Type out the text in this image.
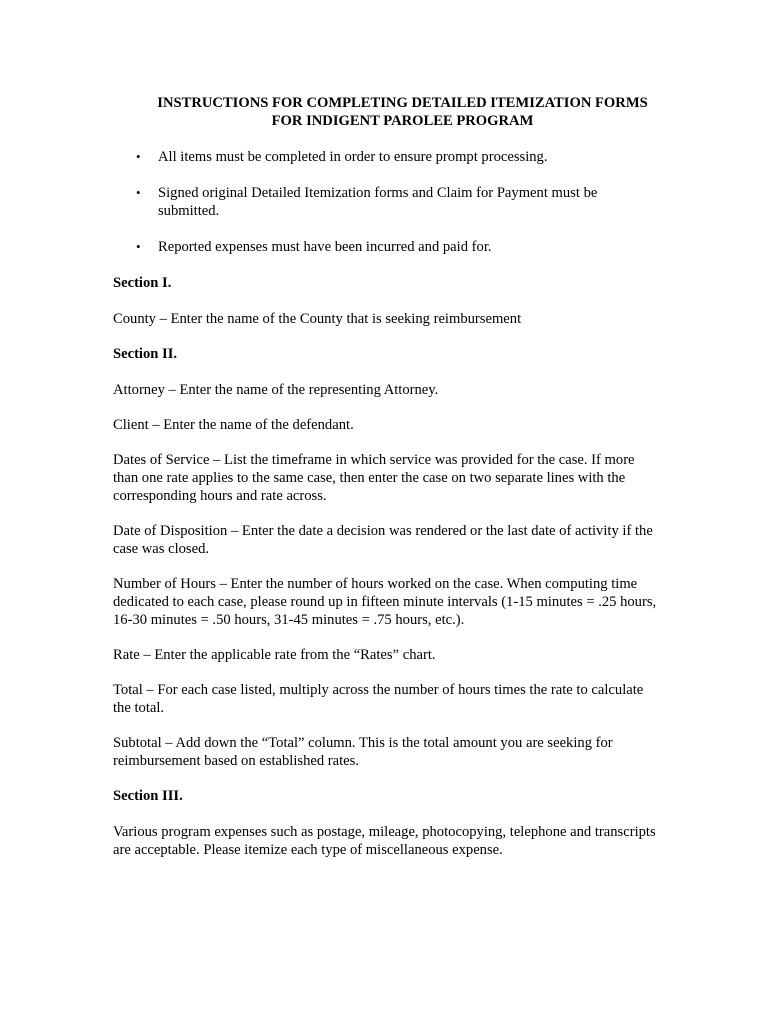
INSTRUCTIONS FOR COMPLETING DETAILED ITEMIZATION FORMS
FOR INDIGENT PAROLEE PROGRAM
• All items must be completed in order to ensure prompt processing.
• Signed original Detailed Itemization forms and Claim for Payment must be submitted.
• Reported expenses must have been incurred and paid for.
Section I.

County – Enter the name of the County that is seeking reimbursement

Section II.

Attorney – Enter the name of the representing Attorney.

Client – Enter the name of the defendant.

Dates of Service – List the timeframe in which service was provided for the case. If more than one rate applies to the same case, then enter the case on two separate lines with the corresponding hours and rate across.

Date of Disposition – Enter the date a decision was rendered or the last date of activity if the case was closed.

Number of Hours – Enter the number of hours worked on the case. When computing time dedicated to each case, please round up in fifteen minute intervals (1-15 minutes = .25 hours, 16-30 minutes = .50 hours, 31-45 minutes = .75 hours, etc.).

Rate – Enter the applicable rate from the “Rates” chart.

Total – For each case listed, multiply across the number of hours times the rate to calculate the total.

Subtotal – Add down the “Total” column. This is the total amount you are seeking for reimbursement based on established rates.

Section III.

Various program expenses such as postage, mileage, photocopying, telephone and transcripts are acceptable. Please itemize each type of miscellaneous expense.
